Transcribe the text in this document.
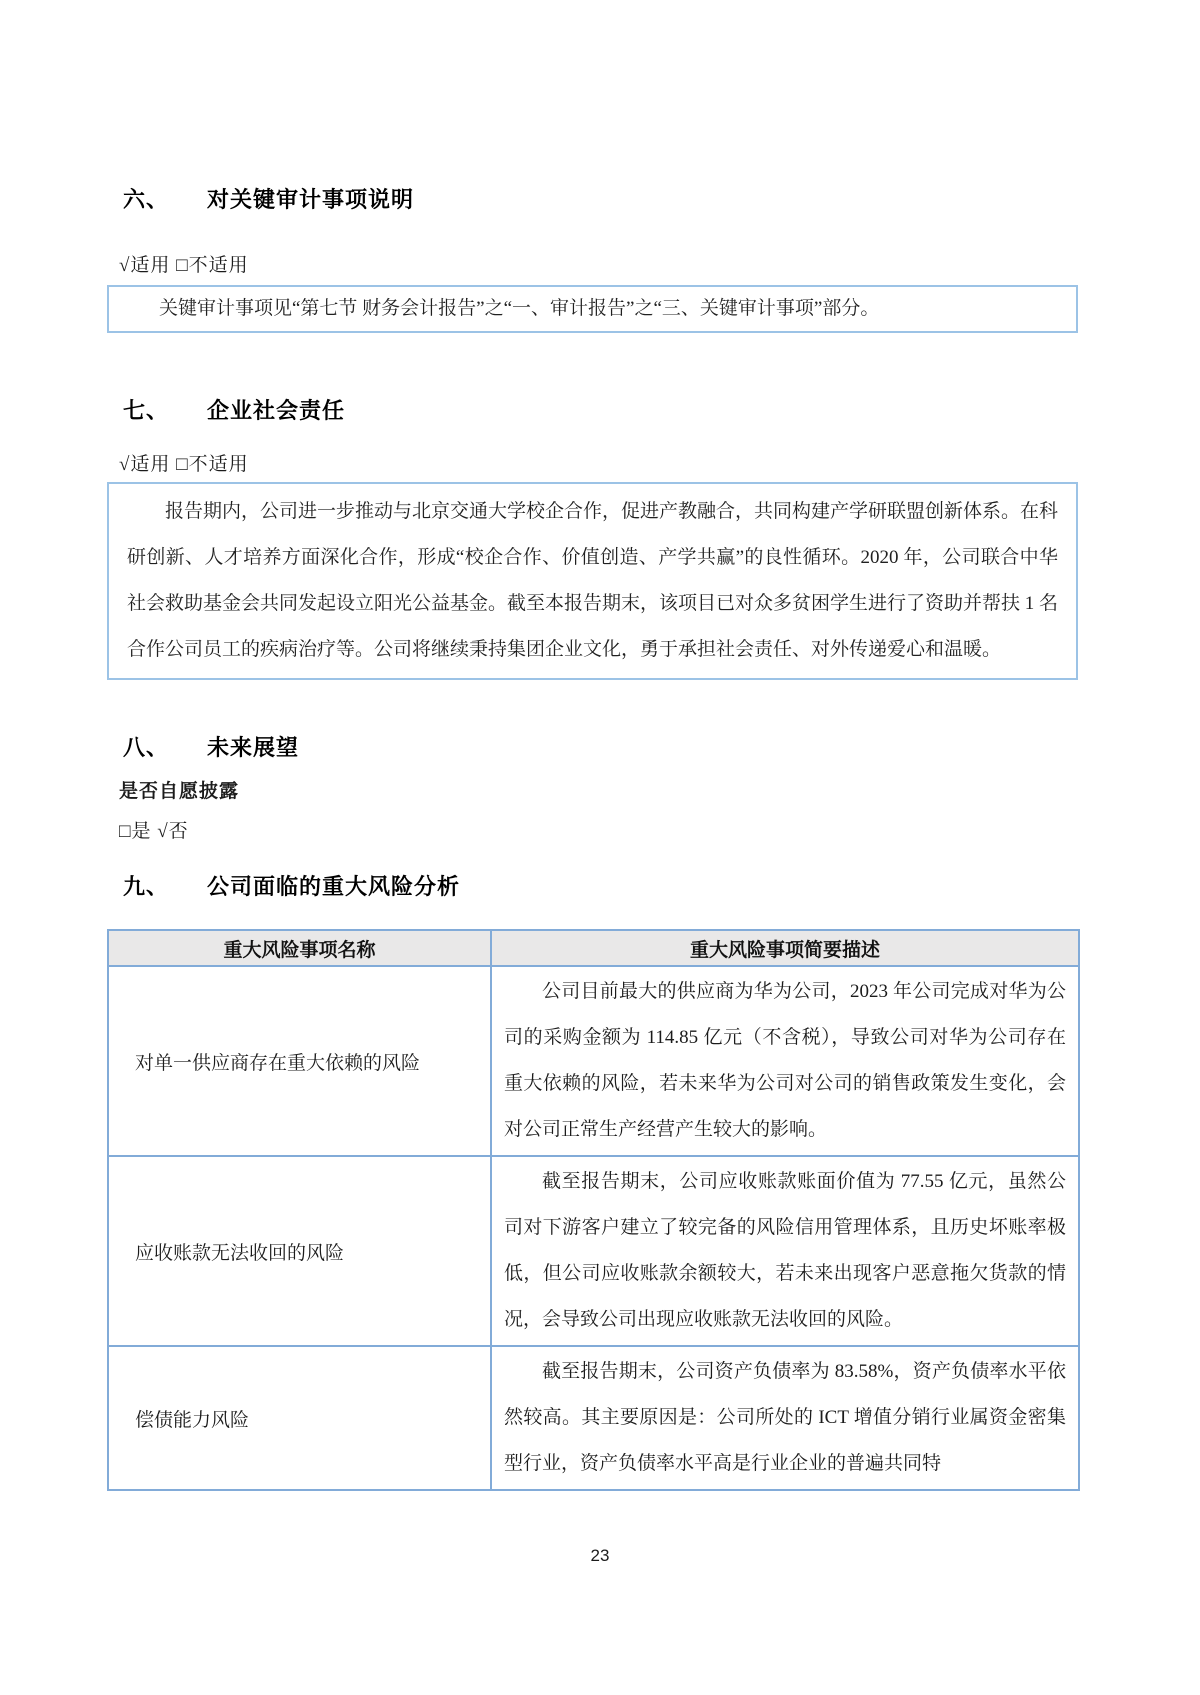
六、 对关键审计事项说明
√适用 □不适用

关键审计事项见“第七节 财务会计报告”之“一、审计报告”之“三、关键审计事项”部分。

七、 企业社会责任
√适用 □不适用

报告期内，公司进一步推动与北京交通大学校企合作，促进产教融合，共同构建产学研联盟创新体系。在科研创新、人才培养方面深化合作，形成“校企合作、价值创造、产学共赢”的良性循环。2020 年，公司联合中华社会救助基金会共同发起设立阳光公益基金。截至本报告期末，该项目已对众多贫困学生进行了资助并帮扶 1 名合作公司员工的疾病治疗等。公司将继续秉持集团企业文化，勇于承担社会责任、对外传递爱心和温暖。

八、 未来展望
是否自愿披露
□是 √否
九、 公司面临的重大风险分析
重大风险事项名称	重大风险事项简要描述
对单一供应商存在重大依赖的风险	公司目前最大的供应商为华为公司，2023 年公司完成对华为公司的采购金额为 114.85 亿元（不含税），导致公司对华为公司存在重大依赖的风险，若未来华为公司对公司的销售政策发生变化，会对公司正常生产经营产生较大的影响。

应收账款无法收回的风险	截至报告期末，公司应收账款账面价值为 77.55 亿元，虽然公司对下游客户建立了较完备的风险信用管理体系，且历史坏账率极低，但公司应收账款余额较大，若未来出现客户恶意拖欠货款的情况，会导致公司出现应收账款无法收回的风险。

偿债能力风险	截至报告期末，公司资产负债率为 83.58%，资产负债率水平依然较高。其主要原因是：公司所处的 ICT 增值分销行业属资金密集型行业，资产负债率水平高是行业企业的普遍共同特

23
